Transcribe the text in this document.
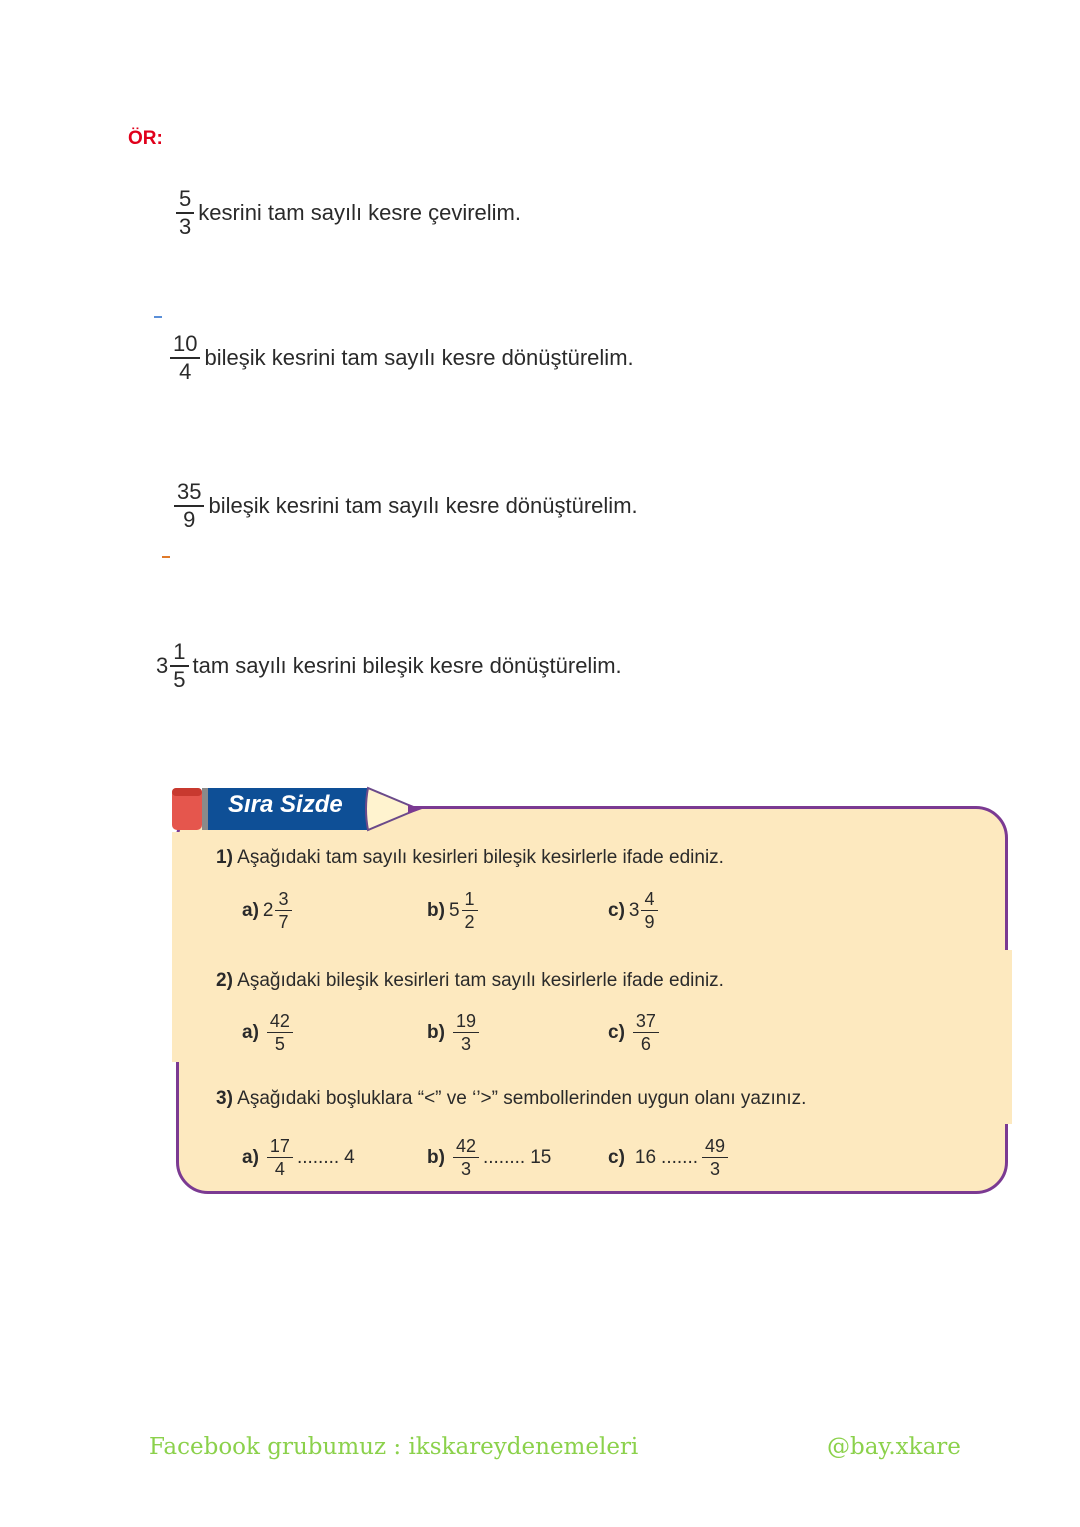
ÖR:
$\frac{5}{3}$ kesrini tam sayılı kesre çevirelim.
$\frac{10}{4}$ bileşik kesrini tam sayılı kesre dönüştürelim.
$\frac{35}{9}$ bileşik kesrini tam sayılı kesre dönüştürelim.
$3 \frac{1}{5}$ tam sayılı kesrini bileşik kesre dönüştürelim.
Sıra Sizde
1) Aşağıdaki tam sayılı kesirleri bileşik kesirlerle ifade ediniz.
a) $2 \frac{3}{7}$	b) $5 \frac{1}{2}$	c) $3 \frac{4}{9}$
2) Aşağıdaki bileşik kesirleri tam sayılı kesirlerle ifade ediniz.
$a) \frac{42}{5}$	$b) \frac{19}{3}$	$c) \frac{37}{6}$
3) Aşağıdaki boşluklara “<” ve ‘’>” sembollerinden uygun olanı yazınız.
$a) \frac{17}{4}$ ........ 4	$b) \frac{42}{3}$ ........ 15	c) 16 ....... $\frac{49}{3}$
Facebook grubumuz : ikskareydenemeleri	@bay.xkare
